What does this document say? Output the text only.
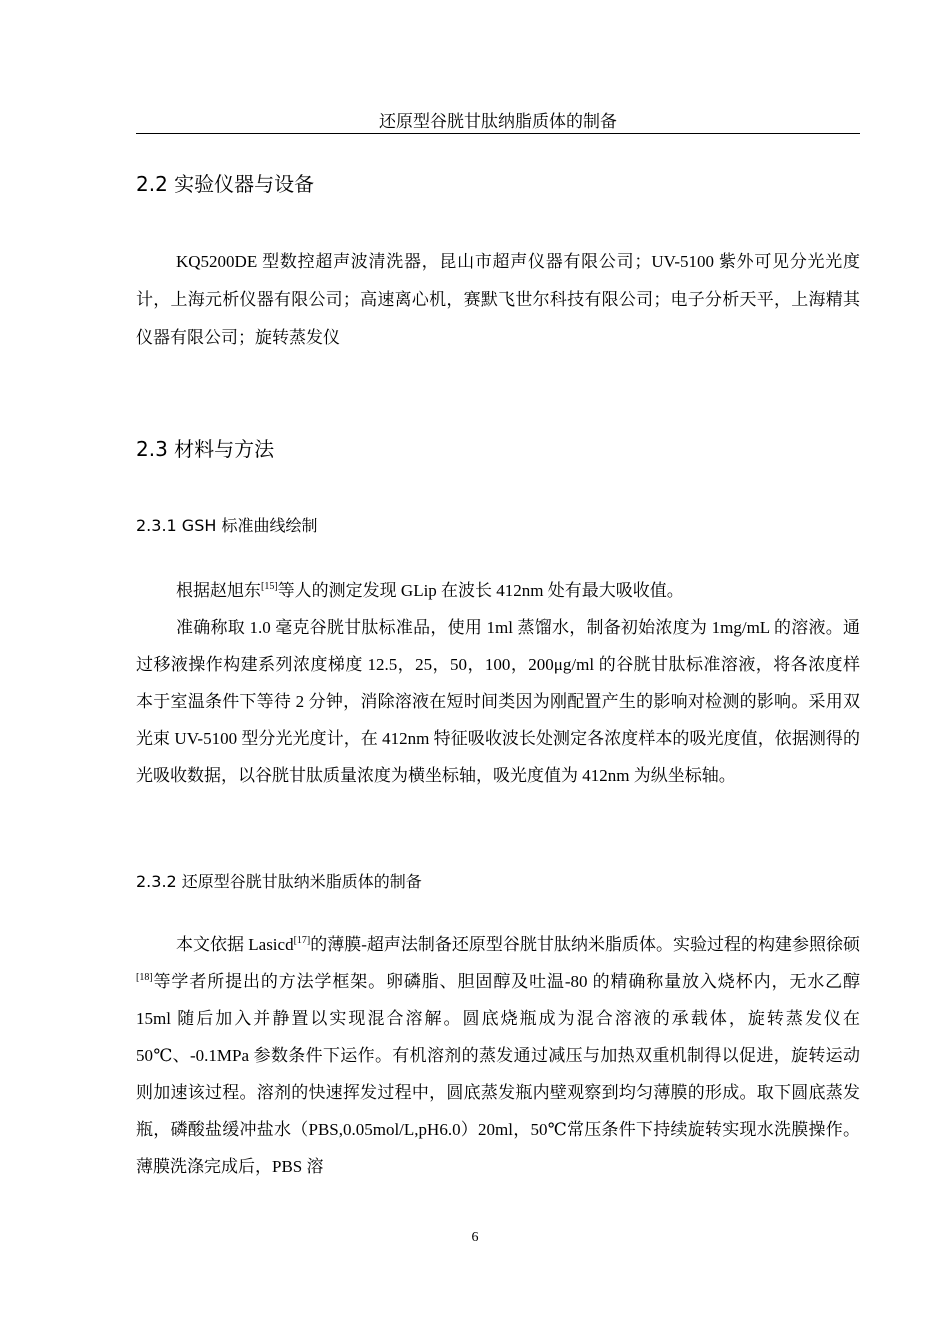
还原型谷胱甘肽纳脂质体的制备
2.2 实验仪器与设备

KQ5200DE 型数控超声波清洗器，昆山市超声仪器有限公司；UV-5100 紫外可见分光光度计，上海元析仪器有限公司；高速离心机，赛默飞世尔科技有限公司；电子分析天平，上海精其仪器有限公司；旋转蒸发仪

2.3 材料与方法
2.3.1 GSH 标准曲线绘制

根据赵旭东[15]等人的测定发现 GLip 在波长 412nm 处有最大吸收值。

准确称取 1.0 毫克谷胱甘肽标准品，使用 1ml 蒸馏水，制备初始浓度为 1mg/mL 的溶液。通过移液操作构建系列浓度梯度 12.5，25，50，100，200μg/ml 的谷胱甘肽标准溶液，将各浓度样本于室温条件下等待 2 分钟，消除溶液在短时间类因为刚配置产生的影响对检测的影响。采用双光束 UV-5100 型分光光度计，在 412nm 特征吸收波长处测定各浓度样本的吸光度值，依据测得的光吸收数据，以谷胱甘肽质量浓度为横坐标轴，吸光度值为 412nm 为纵坐标轴。

2.3.2 还原型谷胱甘肽纳米脂质体的制备

本文依据 Lasicd[17]的薄膜-超声法制备还原型谷胱甘肽纳米脂质体。实验过程的构建参照徐硕[18]等学者所提出的方法学框架。卵磷脂、胆固醇及吐温-80 的精确称量放入烧杯内，无水乙醇 15ml 随后加入并静置以实现混合溶解。圆底烧瓶成为混合溶液的承载体，旋转蒸发仪在 50℃、-0.1MPa 参数条件下运作。有机溶剂的蒸发通过减压与加热双重机制得以促进，旋转运动则加速该过程。溶剂的快速挥发过程中，圆底蒸发瓶内壁观察到均匀薄膜的形成。取下圆底蒸发瓶，磷酸盐缓冲盐水（PBS,0.05mol/L,pH6.0）20ml，50℃常压条件下持续旋转实现水洗膜操作。薄膜洗涤完成后，PBS 溶

6
